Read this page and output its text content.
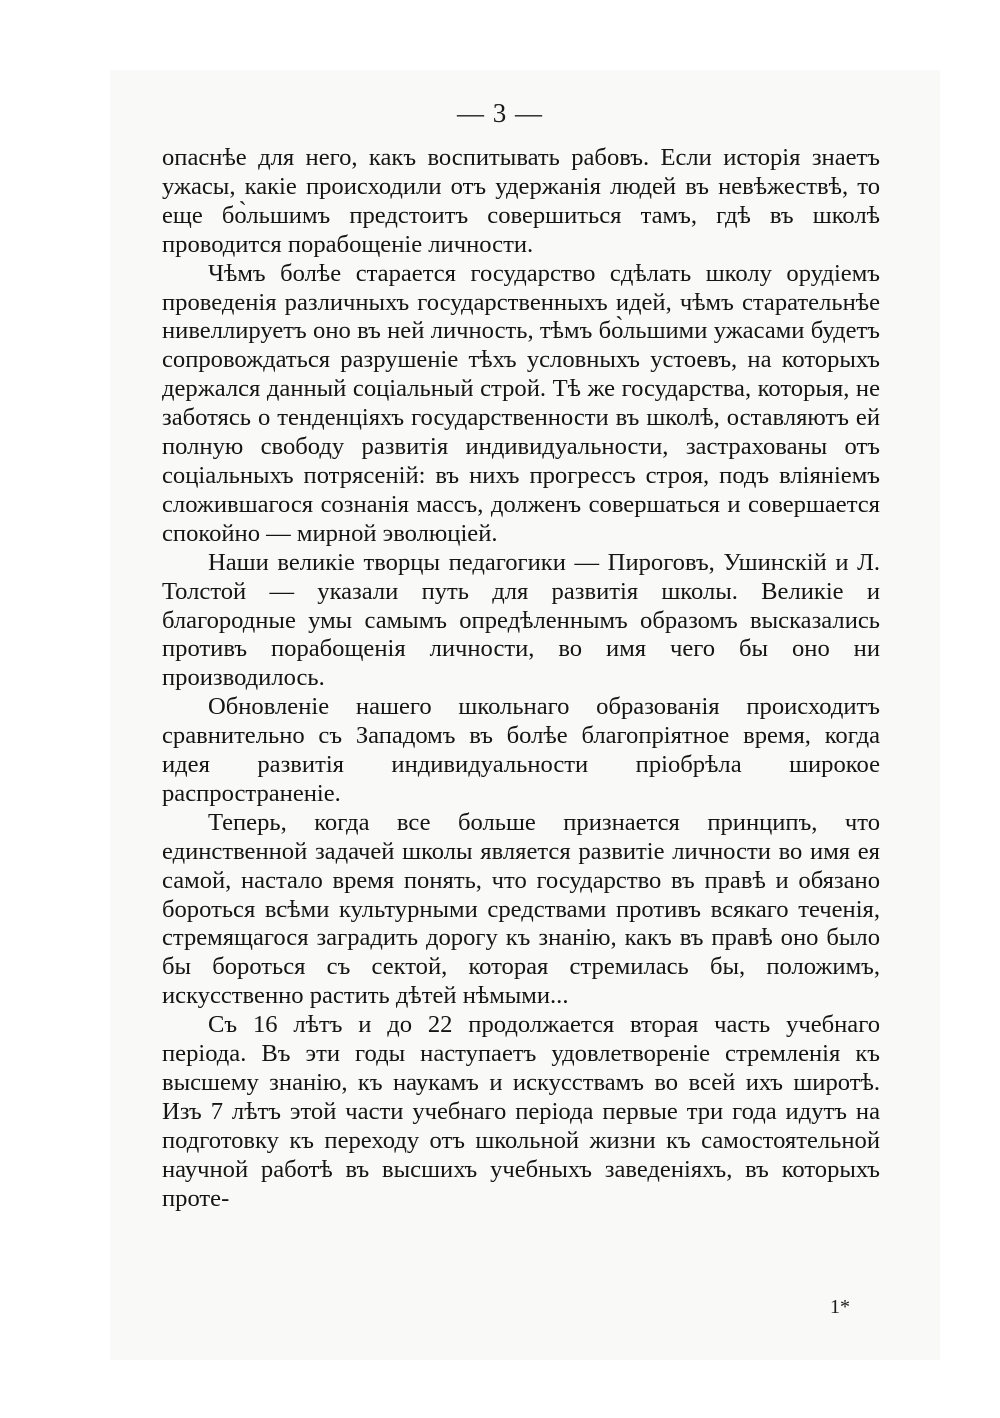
— 3 —

опаснѣе для него, какъ воспитывать рабовъ. Если исторія знаетъ ужасы, какіе происходили отъ удержанія людей въ невѣжествѣ, то еще бо̀льшимъ предстоитъ совершиться тамъ, гдѣ въ школѣ проводится порабощеніе личности.

Чѣмъ болѣе старается государство сдѣлать школу орудіемъ проведенія различныхъ государственныхъ идей, чѣмъ старательнѣе нивеллируетъ оно въ ней личность, тѣмъ бо̀льшими ужасами будетъ сопровождаться разрушеніе тѣхъ условныхъ устоевъ, на которыхъ держался данный соціальный строй. Тѣ же государства, которыя, не заботясь о тенденціяхъ государственности въ школѣ, оставляютъ ей полную свободу развитія индивидуальности, застрахованы отъ соціальныхъ потрясеній: въ нихъ прогрессъ строя, подъ вліяніемъ сложившагося сознанія массъ, долженъ совершаться и совершается спокойно — мирной эволюціей.

Наши великіе творцы педагогики — Пироговъ, Ушинскій и Л. Толстой — указали путь для развитія школы. Великіе и благородные умы самымъ опредѣленнымъ образомъ высказались противъ порабощенія личности, во имя чего бы оно ни производилось.

Обновленіе нашего школьнаго образованія происходитъ сравнительно съ Западомъ въ болѣе благопріятное время, когда идея развитія индивидуальности пріобрѣла широкое распространеніе.

Теперь, когда все больше признается принципъ, что единственной задачей школы является развитіе личности во имя ея самой, настало время понять, что государство въ правѣ и обязано бороться всѣми культурными средствами противъ всякаго теченія, стремящагося заградить дорогу къ знанію, какъ въ правѣ оно было бы бороться съ сектой, которая стремилась бы, положимъ, искусственно растить дѣтей нѣмыми...

Съ 16 лѣтъ и до 22 продолжается вторая часть учебнаго періода. Въ эти годы наступаетъ удовлетвореніе стремленія къ высшему знанію, къ наукамъ и искусствамъ во всей ихъ широтѣ. Изъ 7 лѣтъ этой части учебнаго періода первые три года идутъ на подготовку къ переходу отъ школьной жизни къ самостоятельной научной работѣ въ высшихъ учебныхъ заведеніяхъ, въ которыхъ проте-

1*
